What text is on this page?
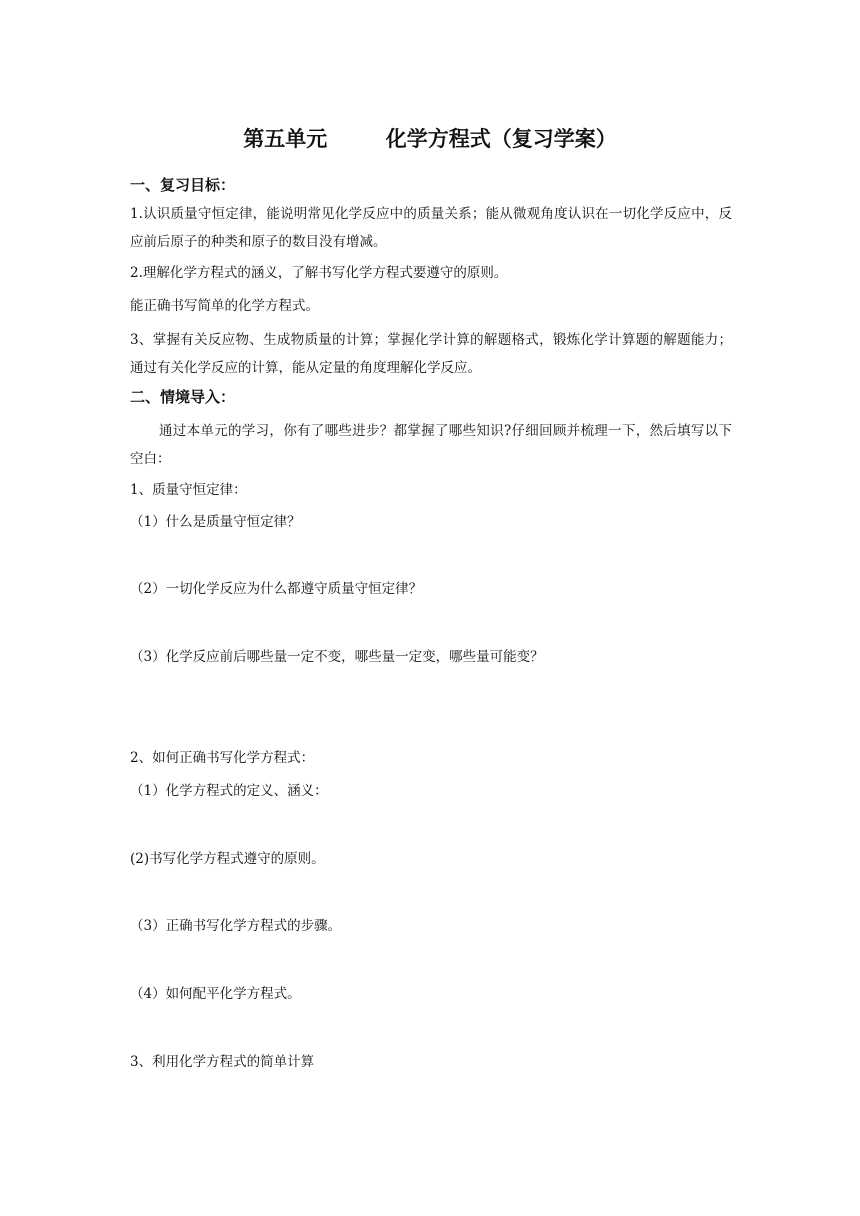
第五单元        化学方程式（复习学案）
一、复习目标：

1.认识质量守恒定律，能说明常见化学反应中的质量关系；能从微观角度认识在一切化学反应中，反应前后原子的种类和原子的数目没有增减。

2.理解化学方程式的涵义，了解书写化学方程式要遵守的原则。

能正确书写简单的化学方程式。

3、掌握有关反应物、生成物质量的计算；掌握化学计算的解题格式，锻炼化学计算题的解题能力；通过有关化学反应的计算，能从定量的角度理解化学反应。

二、情境导入：

通过本单元的学习，你有了哪些进步？都掌握了哪些知识?仔细回顾并梳理一下，然后填写以下空白：

1、质量守恒定律：

（1）什么是质量守恒定律？

（2）一切化学反应为什么都遵守质量守恒定律？

（3）化学反应前后哪些量一定不变，哪些量一定变，哪些量可能变？

2、如何正确书写化学方程式：

（1）化学方程式的定义、涵义：

(2)书写化学方程式遵守的原则。

（3）正确书写化学方程式的步骤。

（4）如何配平化学方程式。

3、利用化学方程式的简单计算
